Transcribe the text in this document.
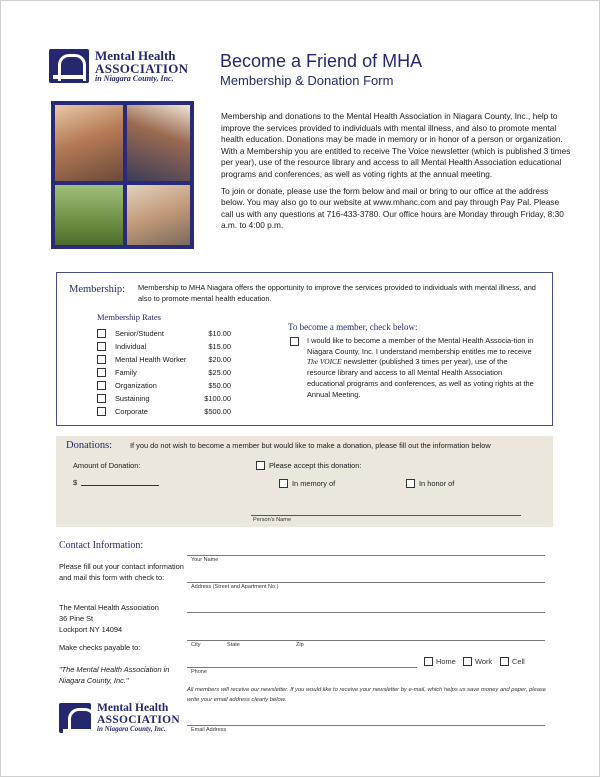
Mental Health
ASSOCIATION
in Niagara County, Inc.
Become a Friend of MHA
Membership & Donation Form

Membership and donations to the Mental Health Association in Niagara County, Inc., help to improve the services provided to individuals with mental illness, and also to promote mental health education. Donations may be made in memory or in honor of a person or organization. With a Membership you are entitled to receive The Voice newsletter (which is published 3 times per year), use of the resource library and access to all Mental Health Association educational programs and conferences, as well as voting rights at the annual meeting.

To join or donate, please use the form below and mail or bring to our office at the address below. You may also go to our website at www.mhanc.com and pay through Pay Pal. Please call us with any questions at 716-433-3780. Our office hours are Monday through Friday, 8:30 a.m. to 4:00 p.m.

Membership: Membership to MHA Niagara offers the opportunity to improve the services provided to individuals with mental illness, and also to promote mental health education.
Membership Rates
Senior/Student	$10.00
Individual	$15.00
Mental Health Worker	$20.00
Family	$25.00
Organization	$50.00
Sustaining	$100.00
Corporate	$500.00
To become a member, check below:
I would like to become a member of the Mental Health Associa-tion in Niagara County, Inc. I understand membership entitles me to receive The VOICE newsletter (published 3 times per year), use of the resource library and access to all Mental Health Association educational programs and conferences, as well as voting rights at the Annual Meeting.
Donations: If you do not wish to become a member but would like to make a donation, please fill out the information below
Amount of Donation:
$
Please accept this donation:
In memory of	In honor of
Person's Name
Contact Information:
Please fill out your contact information and mail this form with check to:
The Mental Health Association
36 Pine St
Lockport NY 14094
Make checks payable to:
"The Mental Health Association in Niagara County, Inc."
Your Name
Address (Street and Apartment No.)
City	State	Zip
Phone
Home	Work	Cell
All members will receive our newsletter. If you would like to receive your newsletter by e-mail, which helps us save money and paper, please write your email address clearly below.
Email Address
Mental Health
ASSOCIATION
in Niagara County, Inc.
